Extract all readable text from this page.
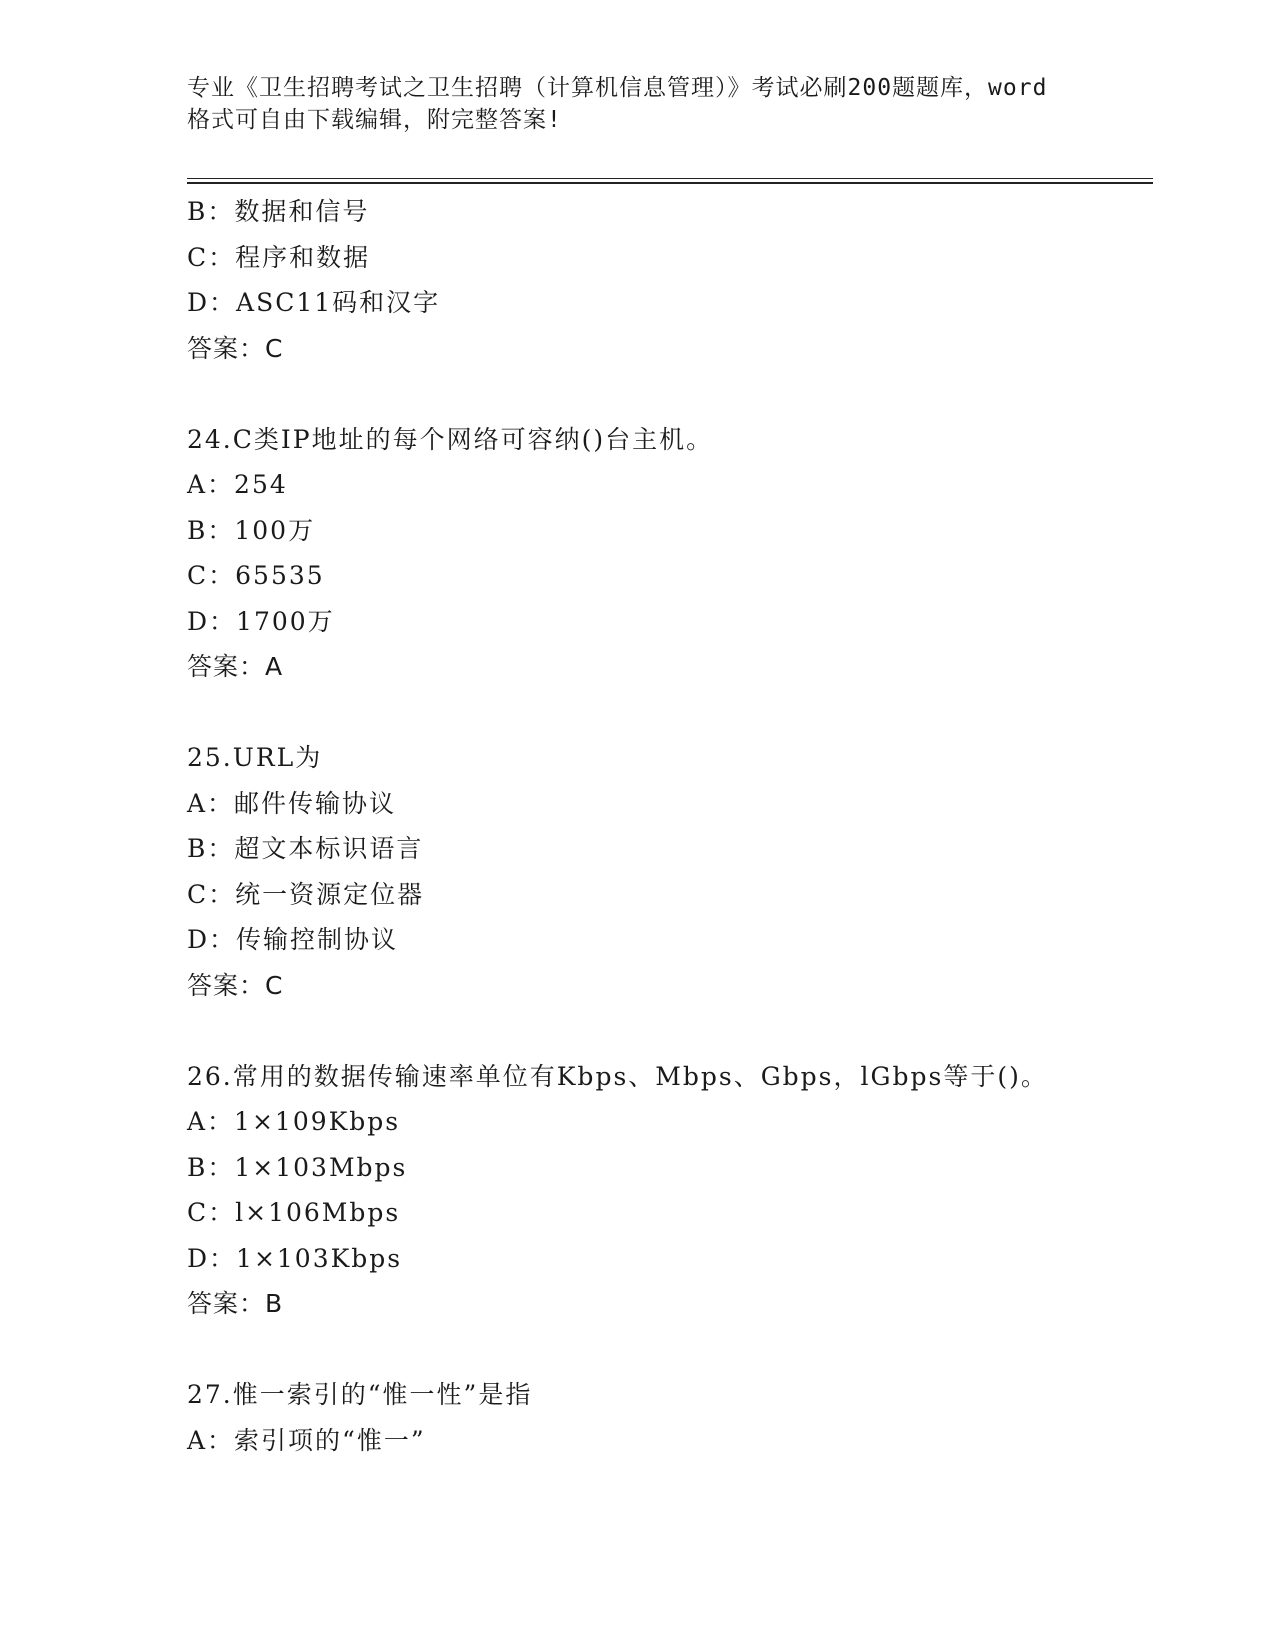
专业《卫生招聘考试之卫生招聘（计算机信息管理）》考试必刷200题题库，word
格式可自由下载编辑，附完整答案!
B：数据和信号
C：程序和数据
D：ASC11码和汉字
答案：C
24.C类IP地址的每个网络可容纳()台主机。
A：254
B：100万
C：65535
D：1700万
答案：A
25.URL为
A：邮件传输协议
B：超文本标识语言
C：统一资源定位器
D：传输控制协议
答案：C
26.常用的数据传输速率单位有Kbps、Mbps、Gbps，lGbps等于()。
A：1×109Kbps
B：1×103Mbps
C：l×106Mbps
D：1×103Kbps
答案：B
27.惟一索引的“惟一性”是指
A：索引项的“惟一”
